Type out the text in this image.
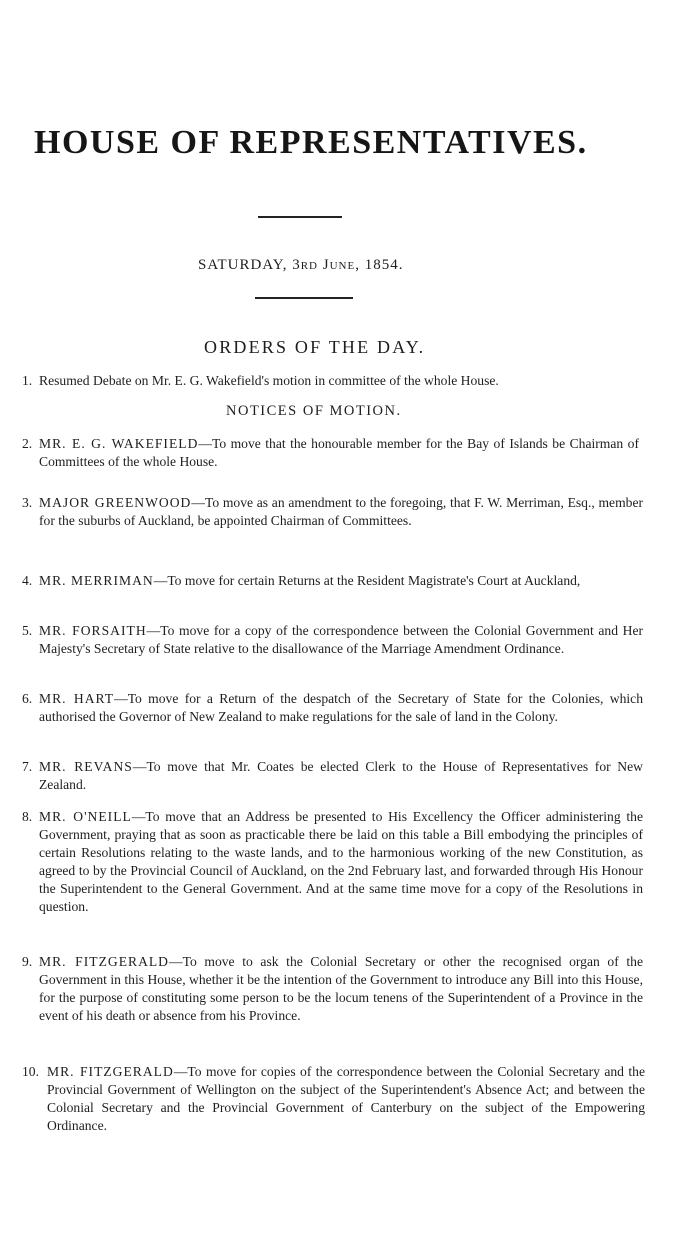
HOUSE OF REPRESENTATIVES.
SATURDAY, 3rd June, 1854.
ORDERS OF THE DAY.
1. Resumed Debate on Mr. E. G. Wakefield's motion in committee of the whole House.
NOTICES OF MOTION.
2. MR. E. G. WAKEFIELD—To move that the honourable member for the Bay of Islands be Chairman of Committees of the whole House.
3. MAJOR GREENWOOD—To move as an amendment to the foregoing, that F. W. Merriman, Esq., member for the suburbs of Auckland, be appointed Chairman of Committees.
4. MR. MERRIMAN—To move for certain Returns at the Resident Magistrate's Court at Auckland,
5. MR. FORSAITH—To move for a copy of the correspondence between the Colonial Government and Her Majesty's Secretary of State relative to the disallowance of the Marriage Amendment Ordinance.
6. MR. HART—To move for a Return of the despatch of the Secretary of State for the Colonies, which authorised the Governor of New Zealand to make regulations for the sale of land in the Colony.
7. MR. REVANS—To move that Mr. Coates be elected Clerk to the House of Representatives for New Zealand.
8. MR. O'NEILL—To move that an Address be presented to His Excellency the Officer administering the Government, praying that as soon as practicable there be laid on this table a Bill embodying the principles of certain Resolutions relating to the waste lands, and to the harmonious working of the new Constitution, as agreed to by the Provincial Council of Auckland, on the 2nd February last, and forwarded through His Honour the Superintendent to the General Government. And at the same time move for a copy of the Resolutions in question.
9. MR. FITZGERALD—To move to ask the Colonial Secretary or other the recognised organ of the Government in this House, whether it be the intention of the Government to introduce any Bill into this House, for the purpose of constituting some person to be the locum tenens of the Superintendent of a Province in the event of his death or absence from his Province.
10. MR. FITZGERALD—To move for copies of the correspondence between the Colonial Secretary and the Provincial Government of Wellington on the subject of the Superintendent's Absence Act; and between the Colonial Secretary and the Provincial Government of Canterbury on the subject of the Empowering Ordinance.
